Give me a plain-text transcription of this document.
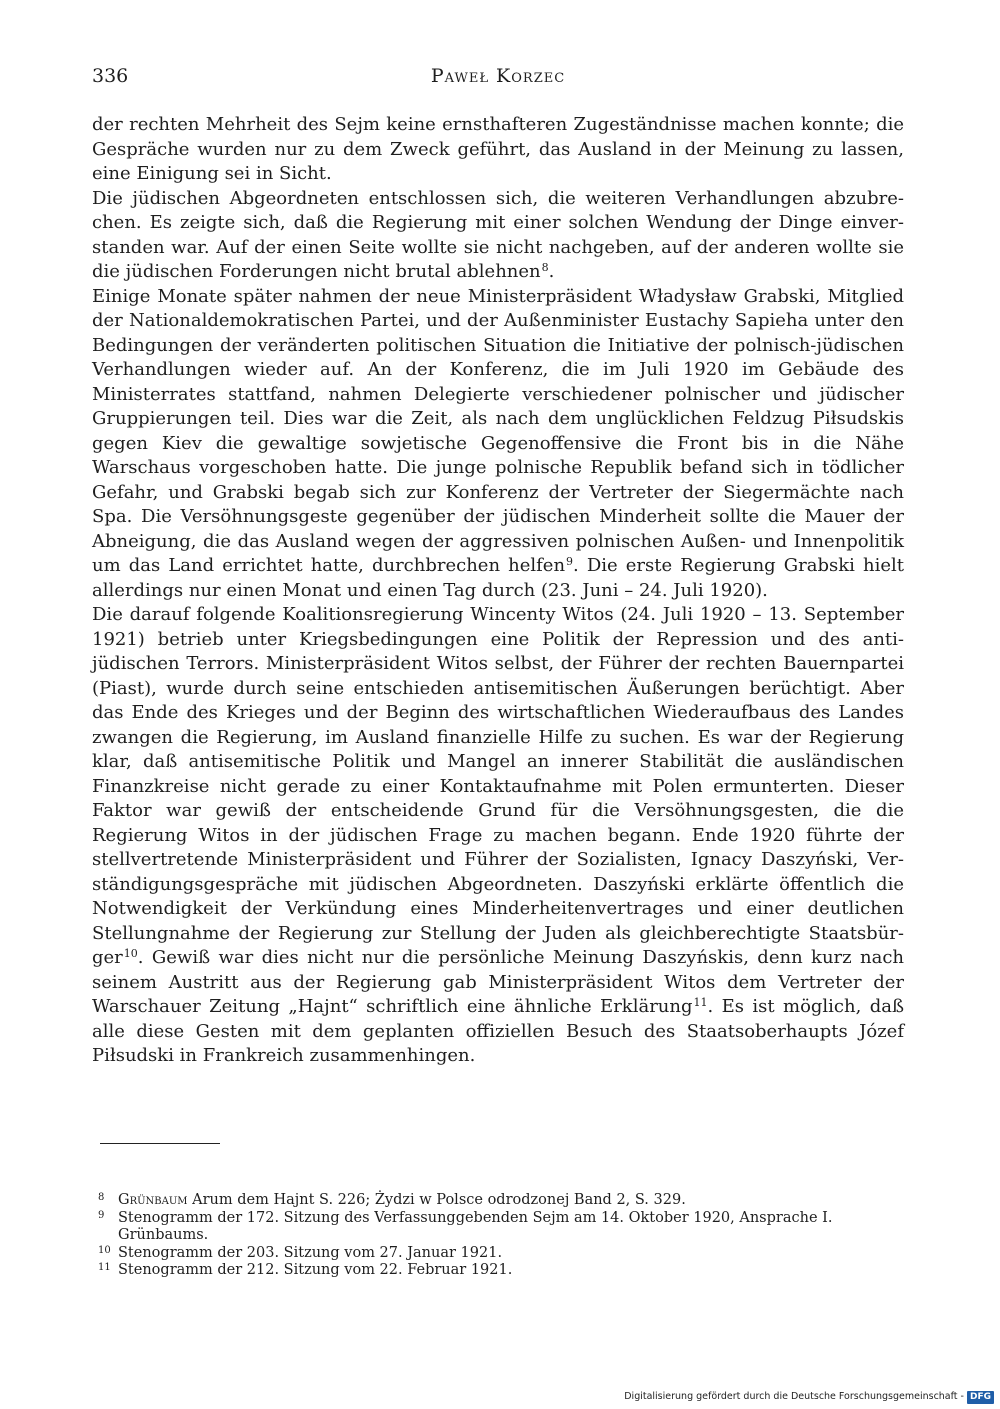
336	Paweł Korzec

der rechten Mehrheit des Sejm keine ernsthafteren Zugeständnisse machen konnte; die Gespräche wurden nur zu dem Zweck geführt, das Ausland in der Meinung zu lassen, eine Einigung sei in Sicht.

Die jüdischen Abgeordneten entschlossen sich, die weiteren Verhandlungen abzubrechen. Es zeigte sich, daß die Regierung mit einer solchen Wendung der Dinge einverstanden war. Auf der einen Seite wollte sie nicht nachgeben, auf der anderen wollte sie die jüdischen Forderungen nicht brutal ablehnen$^8$.

Einige Monate später nahmen der neue Ministerpräsident Władysław Grabski, Mitglied der Nationaldemokratischen Partei, und der Außenminister Eustachy Sapieha unter den Bedingungen der veränderten politischen Situation die Initiative der polnisch-jüdischen Verhandlungen wieder auf. An der Konferenz, die im Juli 1920 im Gebäude des Ministerrates stattfand, nahmen Delegierte verschiedener polnischer und jüdischer Gruppierungen teil. Dies war die Zeit, als nach dem unglücklichen Feldzug Piłsudskis gegen Kiev die gewaltige sowjetische Gegenoffensive die Front bis in die Nähe Warschaus vorgeschoben hatte. Die junge polnische Republik befand sich in tödlicher Gefahr, und Grabski begab sich zur Konferenz der Vertreter der Siegermächte nach Spa. Die Versöhnungsgeste gegenüber der jüdischen Minderheit sollte die Mauer der Abneigung, die das Ausland wegen der aggressiven polnischen Außen- und Innenpolitik um das Land errichtet hatte, durchbrechen helfen$^9$. Die erste Regierung Grabski hielt allerdings nur einen Monat und einen Tag durch (23. Juni – 24. Juli 1920).

Die darauf folgende Koalitionsregierung Wincenty Witos (24. Juli 1920 – 13. September 1921) betrieb unter Kriegsbedingungen eine Politik der Repression und des antijüdischen Terrors. Ministerpräsident Witos selbst, der Führer der rechten Bauernpartei (Piast), wurde durch seine entschieden antisemitischen Äußerungen berüchtigt. Aber das Ende des Krieges und der Beginn des wirtschaftlichen Wiederaufbaus des Landes zwangen die Regierung, im Ausland finanzielle Hilfe zu suchen. Es war der Regierung klar, daß antisemitische Politik und Mangel an innerer Stabilität die ausländischen Finanzkreise nicht gerade zu einer Kontaktaufnahme mit Polen ermunterten. Dieser Faktor war gewiß der entscheidende Grund für die Versöhnungsgesten, die die Regierung Witos in der jüdischen Frage zu machen begann. Ende 1920 führte der stellvertretende Ministerpräsident und Führer der Sozialisten, Ignacy Daszyński, Verständigungsgespräche mit jüdischen Abgeordneten. Daszyński erklärte öffentlich die Notwendigkeit der Verkündung eines Minderheitenvertrages und einer deutlichen Stellungnahme der Regierung zur Stellung der Juden als gleichberechtigte Staatsbürger$^{10}$. Gewiß war dies nicht nur die persönliche Meinung Daszyńskis, denn kurz nach seinem Austritt aus der Regierung gab Ministerpräsident Witos dem Vertreter der Warschauer Zeitung „Hajnt“ schriftlich eine ähnliche Erklärung$^{11}$. Es ist möglich, daß alle diese Gesten mit dem geplanten offiziellen Besuch des Staatsoberhaupts Józef Piłsudski in Frankreich zusammenhingen.

8 Grünbaum Arum dem Hajnt S. 226; Żydzi w Polsce odrodzonej Band 2, S. 329.
9 Stenogramm der 172. Sitzung des Verfassunggebenden Sejm am 14. Oktober 1920, Ansprache I. Grünbaums.
10 Stenogramm der 203. Sitzung vom 27. Januar 1921.
11 Stenogramm der 212. Sitzung vom 22. Februar 1921.
Digitalisierung gefördert durch die Deutsche Forschungsgemeinschaft - DFG
